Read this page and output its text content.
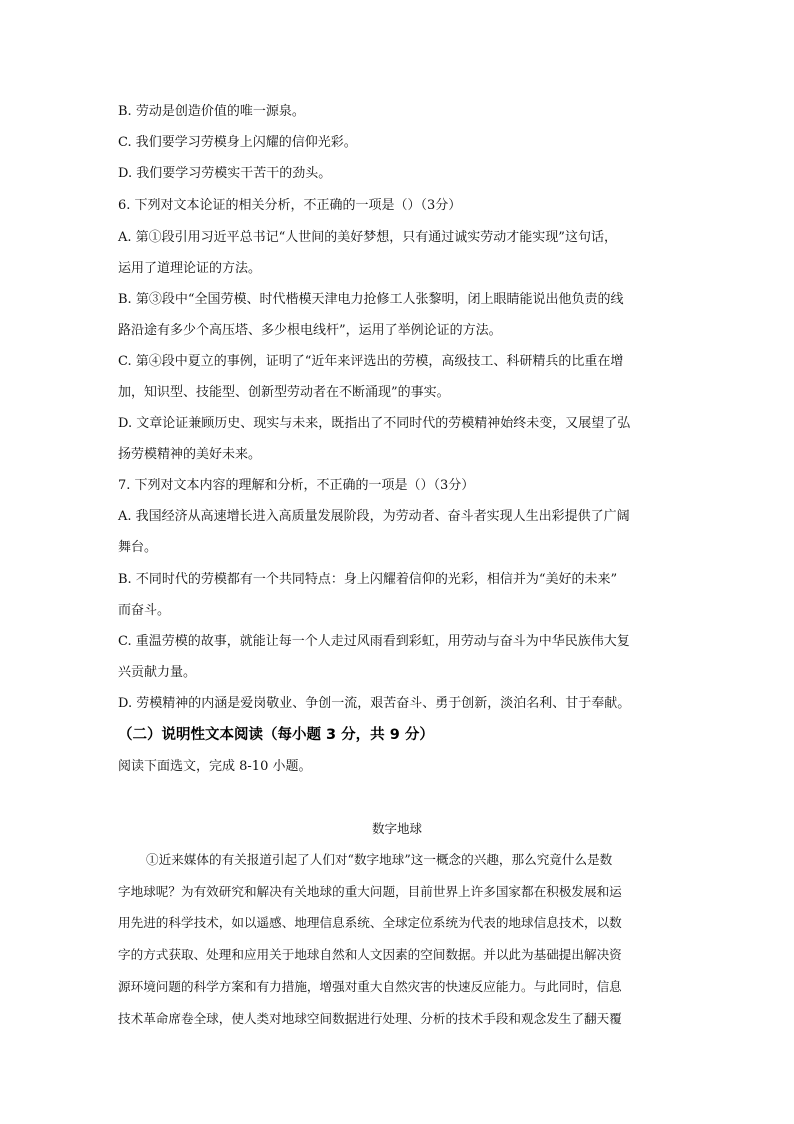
B. 劳动是创造价值的唯一源泉。
C. 我们要学习劳模身上闪耀的信仰光彩。
D. 我们要学习劳模实干苦干的劲头。
6. 下列对文本论证的相关分析，不正确的一项是（）（3分）
A. 第①段引用习近平总书记“人世间的美好梦想，只有通过诚实劳动才能实现”这句话，
运用了道理论证的方法。
B. 第③段中“全国劳模、时代楷模天津电力抢修工人张黎明，闭上眼睛能说出他负责的线
路沿途有多少个高压塔、多少根电线杆”，运用了举例论证的方法。
C. 第④段中夏立的事例，证明了“近年来评选出的劳模，高级技工、科研精兵的比重在增
加，知识型、技能型、创新型劳动者在不断涌现”的事实。
D. 文章论证兼顾历史、现实与未来，既指出了不同时代的劳模精神始终未变，又展望了弘
扬劳模精神的美好未来。
7. 下列对文本内容的理解和分析，不正确的一项是（）（3分）
A. 我国经济从高速增长进入高质量发展阶段，为劳动者、奋斗者实现人生出彩提供了广阔
舞台。
B. 不同时代的劳模都有一个共同特点：身上闪耀着信仰的光彩，相信并为“美好的未来”
而奋斗。
C. 重温劳模的故事，就能让每一个人走过风雨看到彩虹，用劳动与奋斗为中华民族伟大复
兴贡献力量。
D. 劳模精神的内涵是爱岗敬业、争创一流，艰苦奋斗、勇于创新，淡泊名利、甘于奉献。
（二）说明性文本阅读（每小题 3 分，共 9 分）
阅读下面选文，完成 8-10 小题。
数字地球
①近来媒体的有关报道引起了人们对“数字地球”这一概念的兴趣，那么究竟什么是数
字地球呢？为有效研究和解决有关地球的重大问题，目前世界上许多国家都在积极发展和运
用先进的科学技术，如以遥感、地理信息系统、全球定位系统为代表的地球信息技术，以数
字的方式获取、处理和应用关于地球自然和人文因素的空间数据。并以此为基础提出解决资
源环境问题的科学方案和有力措施，增强对重大自然灾害的快速反应能力。与此同时，信息
技术革命席卷全球，使人类对地球空间数据进行处理、分析的技术手段和观念发生了翻天覆
